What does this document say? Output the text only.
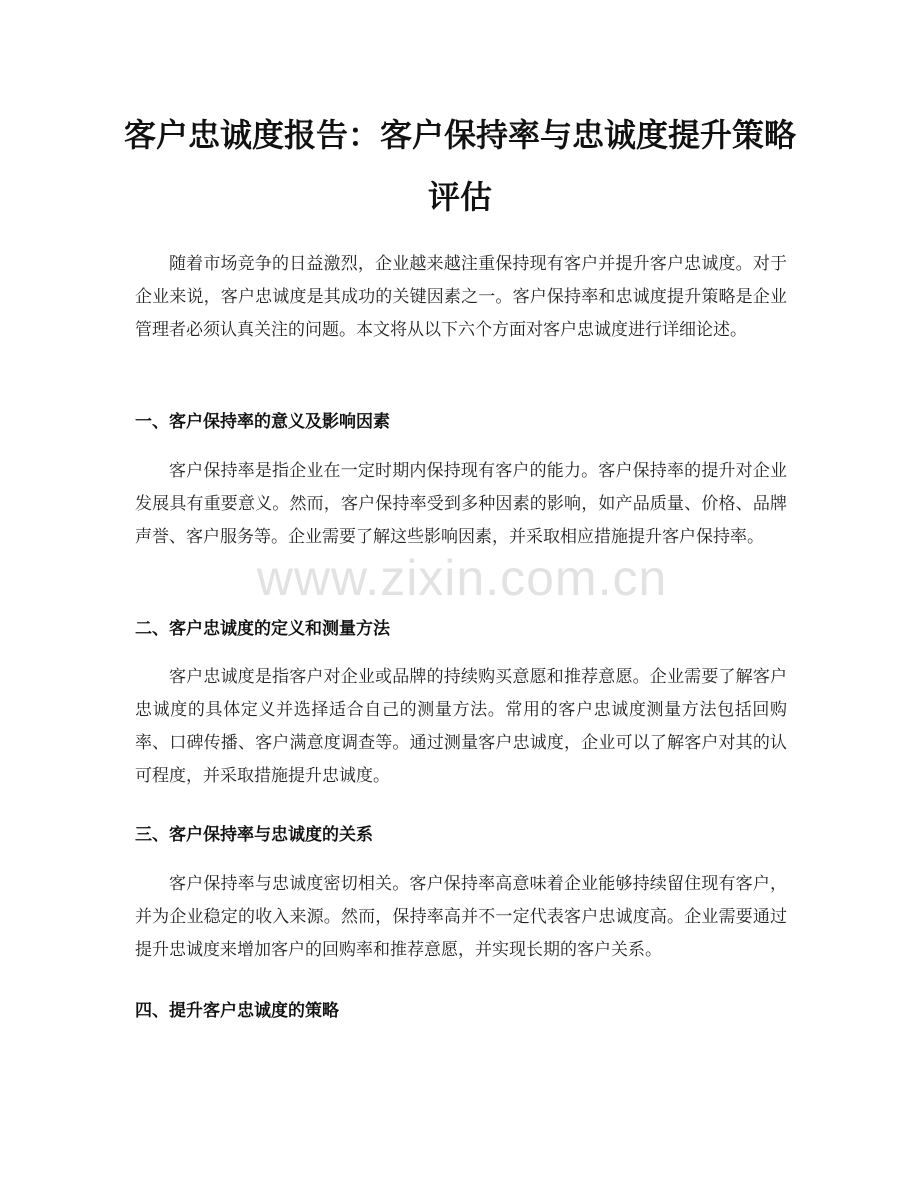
客户忠诚度报告：客户保持率与忠诚度提升策略评估

随着市场竞争的日益激烈，企业越来越注重保持现有客户并提升客户忠诚度。对于企业来说，客户忠诚度是其成功的关键因素之一。客户保持率和忠诚度提升策略是企业管理者必须认真关注的问题。本文将从以下六个方面对客户忠诚度进行详细论述。

一、客户保持率的意义及影响因素

客户保持率是指企业在一定时期内保持现有客户的能力。客户保持率的提升对企业发展具有重要意义。然而，客户保持率受到多种因素的影响，如产品质量、价格、品牌声誉、客户服务等。企业需要了解这些影响因素，并采取相应措施提升客户保持率。

二、客户忠诚度的定义和测量方法

客户忠诚度是指客户对企业或品牌的持续购买意愿和推荐意愿。企业需要了解客户忠诚度的具体定义并选择适合自己的测量方法。常用的客户忠诚度测量方法包括回购率、口碑传播、客户满意度调查等。通过测量客户忠诚度，企业可以了解客户对其的认可程度，并采取措施提升忠诚度。

三、客户保持率与忠诚度的关系

客户保持率与忠诚度密切相关。客户保持率高意味着企业能够持续留住现有客户，并为企业稳定的收入来源。然而，保持率高并不一定代表客户忠诚度高。企业需要通过提升忠诚度来增加客户的回购率和推荐意愿，并实现长期的客户关系。

四、提升客户忠诚度的策略
www.zixin.com.cn
